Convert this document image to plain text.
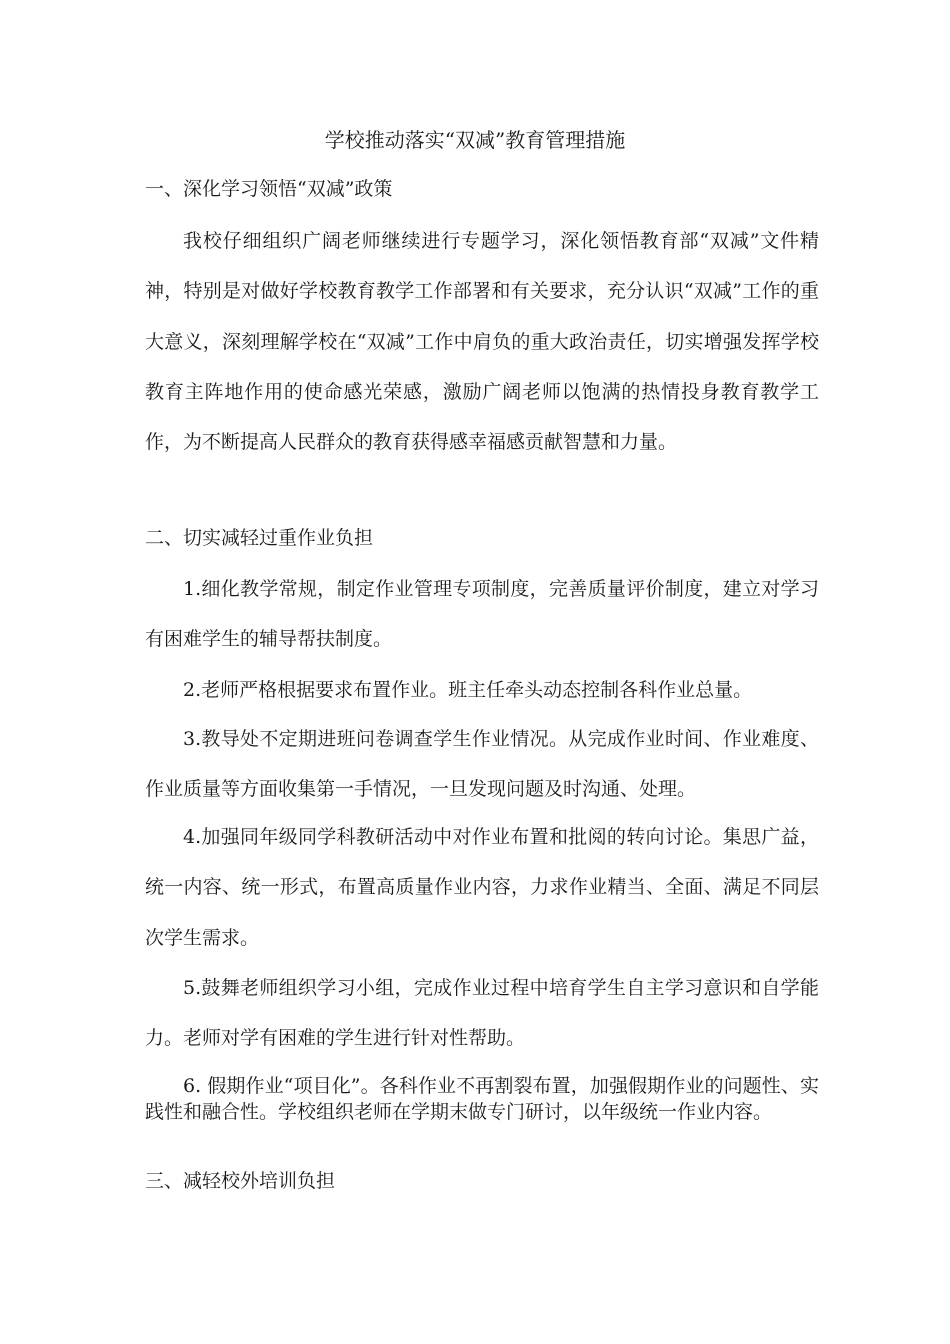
学校推动落实“双减”教育管理措施
一、深化学习领悟“双减”政策

我校仔细组织广阔老师继续进行专题学习，深化领悟教育部“双减”文件精神，特别是对做好学校教育教学工作部署和有关要求，充分认识“双减”工作的重大意义，深刻理解学校在“双减”工作中肩负的重大政治责任，切实增强发挥学校教育主阵地作用的使命感光荣感，激励广阔老师以饱满的热情投身教育教学工作，为不断提高人民群众的教育获得感幸福感贡献智慧和力量。

二、切实减轻过重作业负担

1.细化教学常规，制定作业管理专项制度，完善质量评价制度，建立对学习有困难学生的辅导帮扶制度。

2.老师严格根据要求布置作业。班主任牵头动态控制各科作业总量。

3.教导处不定期进班问卷调查学生作业情况。从完成作业时间、作业难度、作业质量等方面收集第一手情况，一旦发现问题及时沟通、处理。

4.加强同年级同学科教研活动中对作业布置和批阅的转向讨论。集思广益，统一内容、统一形式，布置高质量作业内容，力求作业精当、全面、满足不同层次学生需求。

5.鼓舞老师组织学习小组，完成作业过程中培育学生自主学习意识和自学能力。老师对学有困难的学生进行针对性帮助。

6. 假期作业“项目化”。各科作业不再割裂布置，加强假期作业的问题性、实践性和融合性。学校组织老师在学期末做专门研讨，以年级统一作业内容。

三、减轻校外培训负担
